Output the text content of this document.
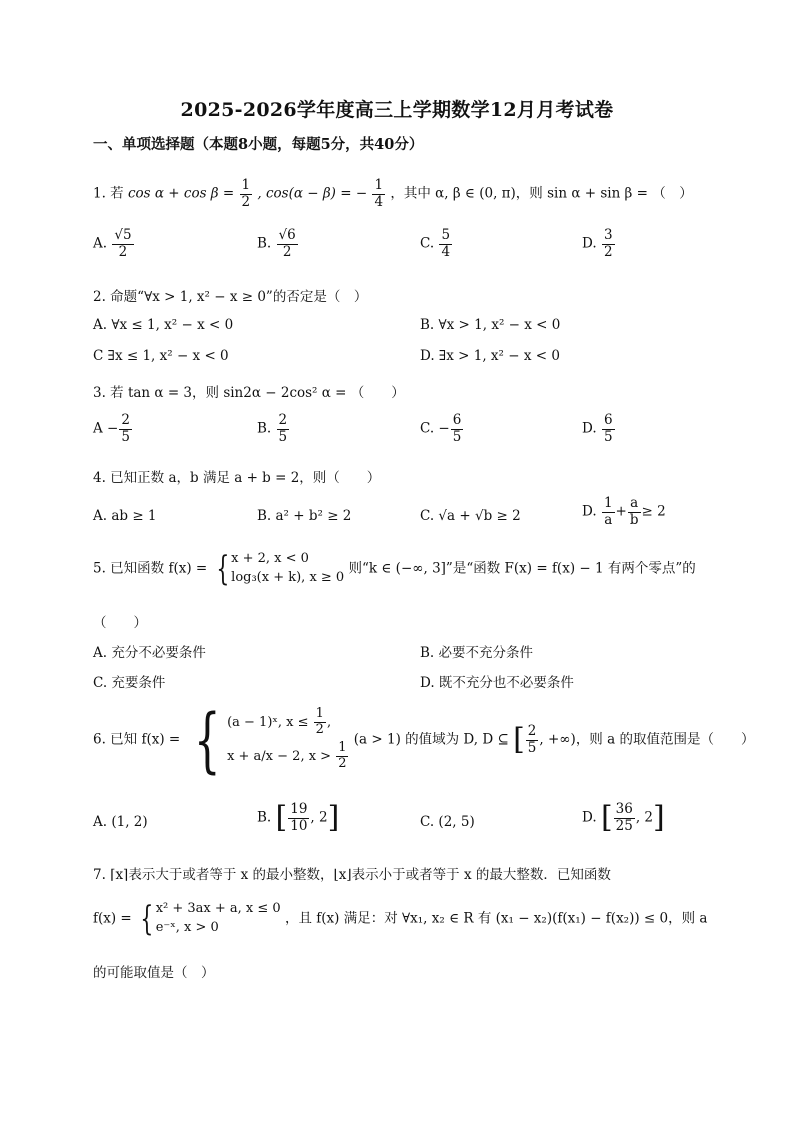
2025-2026学年度高三上学期数学12月月考试卷
一、单项选择题（本题8小题，每题5分，共40分）
1. 若 $\cos \alpha + \cos \beta = \frac{1}{2}$ , cos(α − β) = − $\frac{1}{4}$ ，其中 α, β ∈ (0, π)，则 sin α + sin β = （　）
A. $\frac{√5}{2}$	B. $\frac{√6}{2}$	C. $\frac{5}{4}$	D. $\frac{3}{2}$
2. 命题“∀x > 1, x² − x ≥ 0”的否定是（　）
A. ∀x ≤ 1, x² − x < 0	B. ∀x > 1, x² − x < 0
C ∃x ≤ 1, x² − x < 0	D. ∃x > 1, x² − x < 0
3. 若 tan α = 3，则 sin2α − 2cos² α = （　　）
$A - \frac{2}{5}$	B. $\frac{2}{5}$	C. − $\frac{6}{5}$	D. $\frac{6}{5}$
4. 已知正数 a，b 满足 a + b = 2，则（　　）
A. ab ≥ 1	B. a² + b² ≥ 2	C. √a + √b ≥ 2	D. $\frac{1}{a} + \frac{a}{b} \ge 2$
5. 已知函数 f(x) = { x + 2, x < 0
log₃(x + k), x ≥ 0 则“k ∈ (−∞, 3]”是“函数 F(x) = f(x) − 1 有两个零点”的
（　　）
A. 充分不必要条件	B. 必要不充分条件
C. 充要条件	D. 既不充分也不必要条件
6. 已知 f(x) = { (a − 1)ˣ, $x \le \frac{1}{2}$ ,
x + a/x − 2, $x > \frac{1}{2}$
(a > 1) 的值域为 D, D ⊆ [ $\frac{2}{5}$ , +∞)，则 a 的取值范围是（　　）
A. (1, 2)	B. [ $\frac{19}{10}$ , 2]	C. (2, 5)	D. [ $\frac{36}{25}$ , 2]
7. ⌈x⌉表示大于或者等于 x 的最小整数，⌊x⌋表示小于或者等于 x 的最大整数．已知函数
f(x) = { x² + 3ax + a, x ≤ 0
e⁻ˣ, x > 0 ，且 f(x) 满足：对 ∀x₁, x₂ ∈ R 有 (x₁ − x₂)(f(x₁) − f(x₂)) ≤ 0，则 a
的可能取值是（　）
